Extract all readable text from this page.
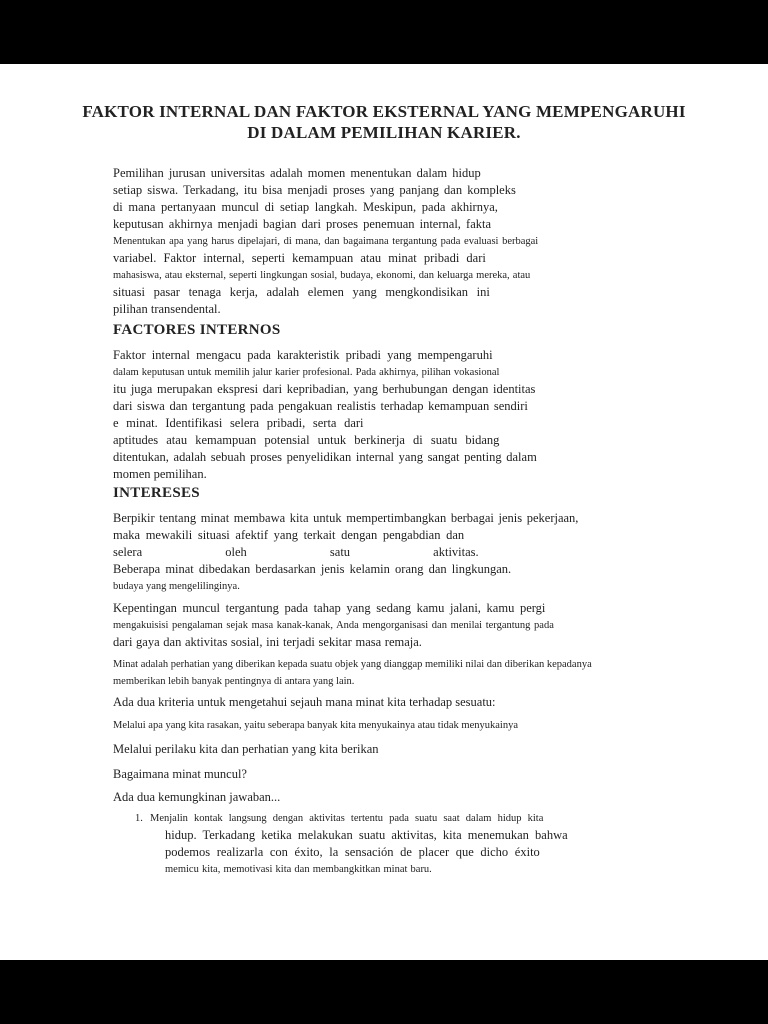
FAKTOR INTERNAL DAN FAKTOR EKSTERNAL YANG MEMPENGARUHI
DI DALAM PEMILIHAN KARIER.
Pemilihan jurusan universitas adalah momen menentukan dalam hidup
setiap siswa. Terkadang, itu bisa menjadi proses yang panjang dan kompleks
di mana pertanyaan muncul di setiap langkah. Meskipun, pada akhirnya,
keputusan akhirnya menjadi bagian dari proses penemuan internal, fakta
Menentukan apa yang harus dipelajari, di mana, dan bagaimana tergantung pada evaluasi berbagai
variabel. Faktor internal, seperti kemampuan atau minat pribadi dari
mahasiswa, atau eksternal, seperti lingkungan sosial, budaya, ekonomi, dan keluarga mereka, atau
situasi pasar tenaga kerja, adalah elemen yang mengkondisikan ini
pilihan transendental.
FACTORES INTERNOS
Faktor internal mengacu pada karakteristik pribadi yang mempengaruhi
dalam keputusan untuk memilih jalur karier profesional. Pada akhirnya, pilihan vokasional
itu juga merupakan ekspresi dari kepribadian, yang berhubungan dengan identitas
dari siswa dan tergantung pada pengakuan realistis terhadap kemampuan sendiri
e minat. Identifikasi selera pribadi, serta dari
aptitudes atau kemampuan potensial untuk berkinerja di suatu bidang
ditentukan, adalah sebuah proses penyelidikan internal yang sangat penting dalam
momen pemilihan.
INTERESES
Berpikir tentang minat membawa kita untuk mempertimbangkan berbagai jenis pekerjaan,
maka mewakili situasi afektif yang terkait dengan pengabdian dan
selera oleh satu aktivitas.
Beberapa minat dibedakan berdasarkan jenis kelamin orang dan lingkungan.
budaya yang mengelilinginya.
Kepentingan muncul tergantung pada tahap yang sedang kamu jalani, kamu pergi
mengakuisisi pengalaman sejak masa kanak-kanak, Anda mengorganisasi dan menilai tergantung pada
dari gaya dan aktivitas sosial, ini terjadi sekitar masa remaja.
Minat adalah perhatian yang diberikan kepada suatu objek yang dianggap memiliki nilai dan diberikan kepadanya
memberikan lebih banyak pentingnya di antara yang lain.
Ada dua kriteria untuk mengetahui sejauh mana minat kita terhadap sesuatu:
Melalui apa yang kita rasakan, yaitu seberapa banyak kita menyukainya atau tidak menyukainya
Melalui perilaku kita dan perhatian yang kita berikan
Bagaimana minat muncul?
Ada dua kemungkinan jawaban...
1. Menjalin kontak langsung dengan aktivitas tertentu pada suatu saat dalam hidup kita
hidup. Terkadang ketika melakukan suatu aktivitas, kita menemukan bahwa
podemos realizarla con éxito, la sensación de placer que dicho éxito
memicu kita, memotivasi kita dan membangkitkan minat baru.
